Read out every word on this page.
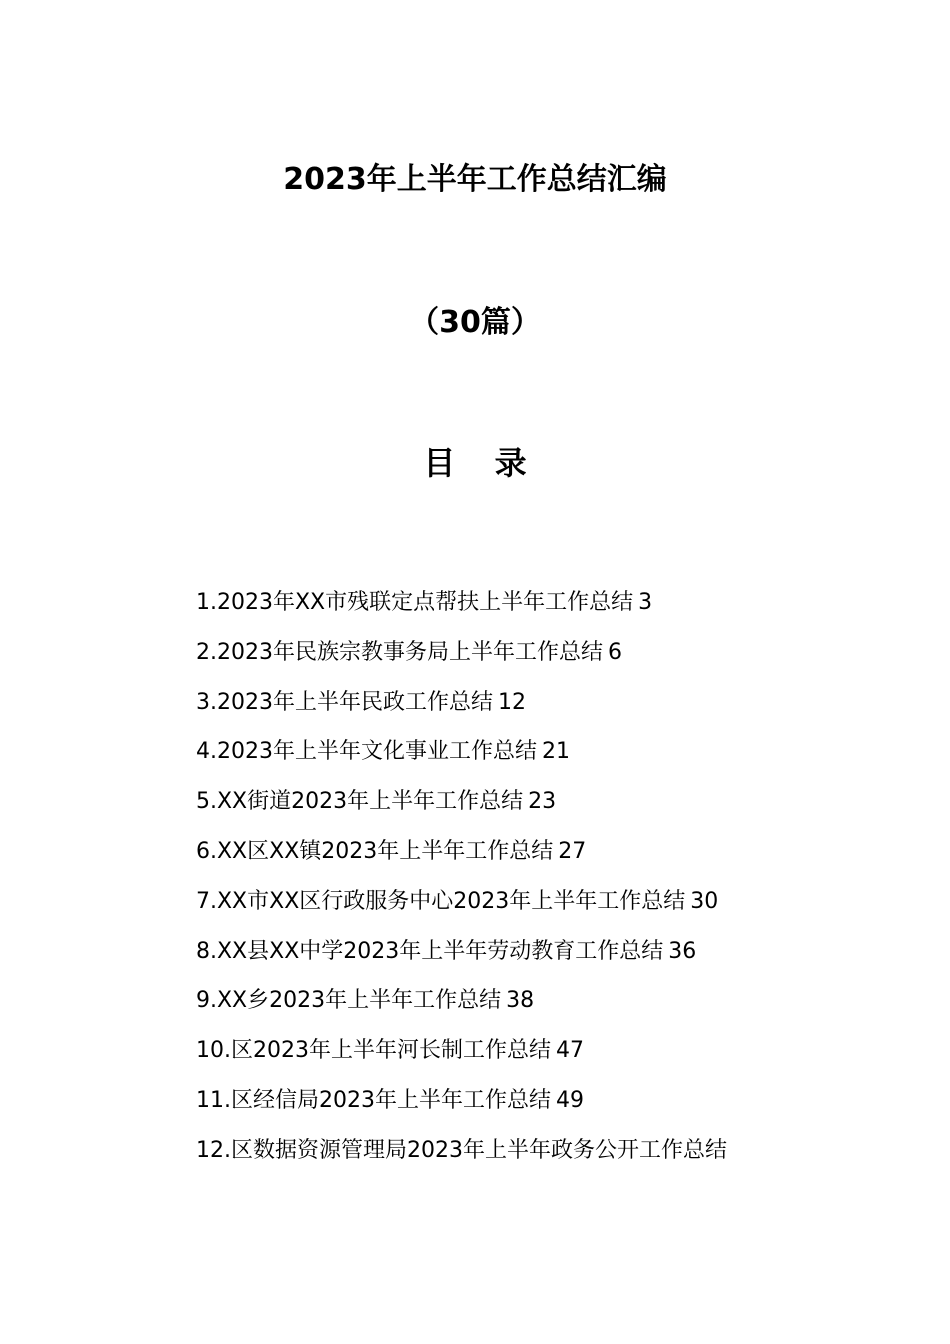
2023年上半年工作总结汇编
（30篇）
目 录
1.2023年XX市残联定点帮扶上半年工作总结 3
2.2023年民族宗教事务局上半年工作总结 6
3.2023年上半年民政工作总结 12
4.2023年上半年文化事业工作总结 21
5.XX街道2023年上半年工作总结 23
6.XX区XX镇2023年上半年工作总结 27
7.XX市XX区行政服务中心2023年上半年工作总结 30
8.XX县XX中学2023年上半年劳动教育工作总结 36
9.XX乡2023年上半年工作总结 38
10.区2023年上半年河长制工作总结 47
11.区经信局2023年上半年工作总结 49
12.区数据资源管理局2023年上半年政务公开工作总结
